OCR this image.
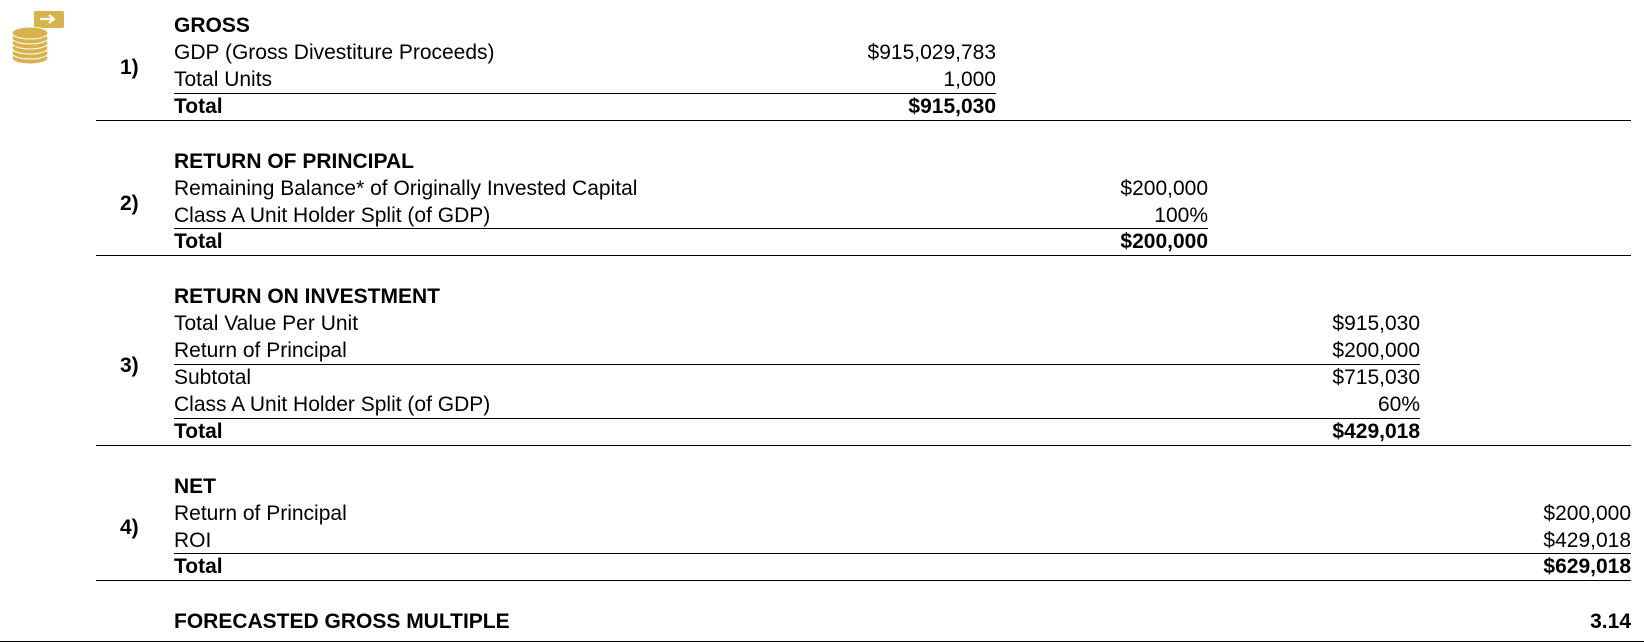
1)
GROSS
GDP (Gross Divestiture Proceeds)	$915,029,783
Total Units	1,000
Total	$915,030
2)
RETURN OF PRINCIPAL
Remaining Balance* of Originally Invested Capital	$200,000
Class A Unit Holder Split (of GDP)	100%
Total	$200,000
3)
RETURN ON INVESTMENT
Total Value Per Unit	$915,030
Return of Principal	$200,000
Subtotal	$715,030
Class A Unit Holder Split (of GDP)	60%
Total	$429,018
4)
NET
Return of Principal	$200,000
ROI	$429,018
Total	$629,018
FORECASTED GROSS MULTIPLE	3.14
